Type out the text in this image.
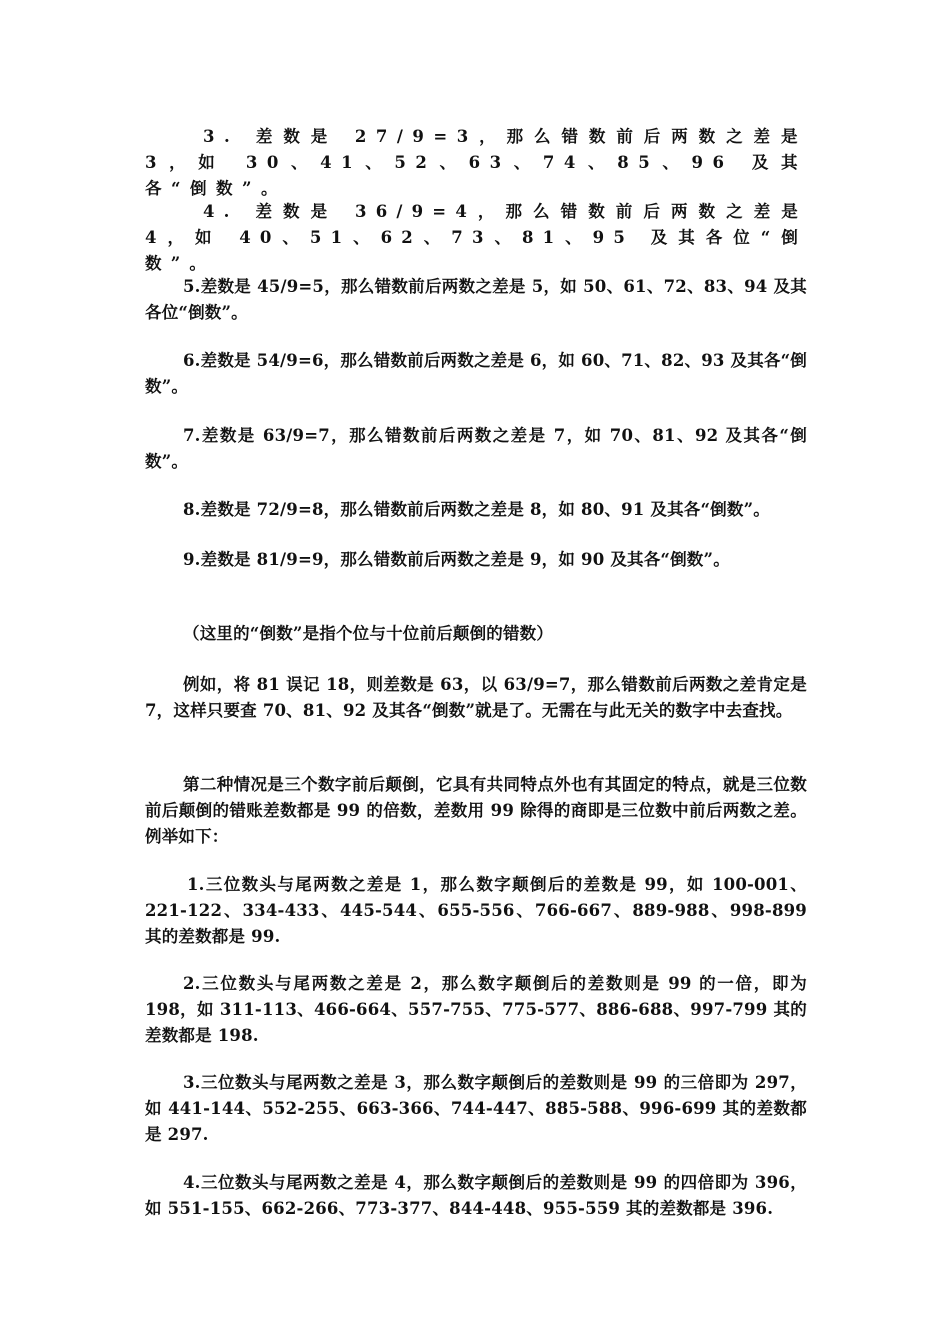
3. 差数是 27/9=3，那么错数前后两数之差是 3，如 30、41、52、63、74、85、96 及其各“倒数”。

4. 差数是 36/9=4，那么错数前后两数之差是 4，如 40、51、62、73、81、95 及其各位“倒数”。

5.差数是 45/9=5，那么错数前后两数之差是 5，如 50、61、72、83、94 及其各位“倒数”。

6.差数是 54/9=6，那么错数前后两数之差是 6，如 60、71、82、93 及其各“倒数”。

7.差数是 63/9=7，那么错数前后两数之差是 7，如 70、81、92 及其各“倒数”。

8.差数是 72/9=8，那么错数前后两数之差是 8，如 80、91 及其各“倒数”。

9.差数是 81/9=9，那么错数前后两数之差是 9，如 90 及其各“倒数”。

（这里的“倒数”是指个位与十位前后颠倒的错数）

例如，将 81 误记 18，则差数是 63，以 63/9=7，那么错数前后两数之差肯定是 7，这样只要查 70、81、92 及其各“倒数”就是了。无需在与此无关的数字中去查找。

第二种情况是三个数字前后颠倒，它具有共同特点外也有其固定的特点，就是三位数前后颠倒的错账差数都是 99 的倍数，差数用 99 除得的商即是三位数中前后两数之差。例举如下：

1.三位数头与尾两数之差是 1，那么数字颠倒后的差数是 99，如 100-001、221-122、334-433、445-544、655-556、766-667、889-988、998-899 其的差数都是 99.

2.三位数头与尾两数之差是 2，那么数字颠倒后的差数则是 99 的一倍，即为 198，如 311-113、466-664、557-755、775-577、886-688、997-799 其的差数都是 198.

3.三位数头与尾两数之差是 3，那么数字颠倒后的差数则是 99 的三倍即为 297，如 441-144、552-255、663-366、744-447、885-588、996-699 其的差数都是 297.

4.三位数头与尾两数之差是 4，那么数字颠倒后的差数则是 99 的四倍即为 396，如 551-155、662-266、773-377、844-448、955-559 其的差数都是 396.
